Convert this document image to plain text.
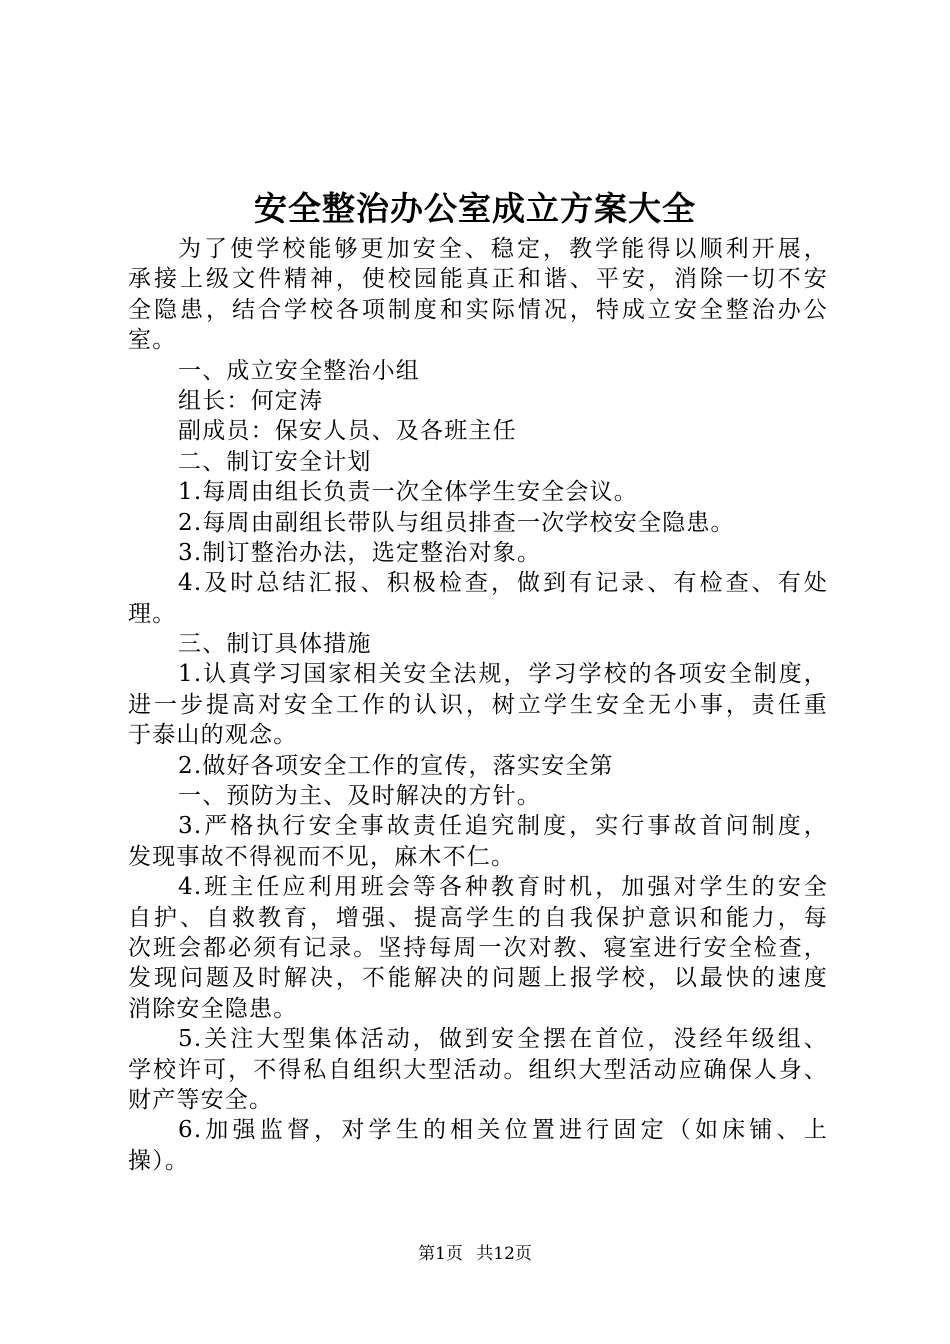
安全整治办公室成立方案大全
为了使学校能够更加安全、稳定，教学能得以顺利开展，
承接上级文件精神，使校园能真正和谐、平安，消除一切不安
全隐患，结合学校各项制度和实际情况，特成立安全整治办公
室。
一、成立安全整治小组
组长：何定涛
副成员：保安人员、及各班主任
二、制订安全计划
1.每周由组长负责一次全体学生安全会议。
2.每周由副组长带队与组员排查一次学校安全隐患。
3.制订整治办法，选定整治对象。
4.及时总结汇报、积极检查，做到有记录、有检查、有处
理。
三、制订具体措施
1.认真学习国家相关安全法规，学习学校的各项安全制度，
进一步提高对安全工作的认识，树立学生安全无小事，责任重
于泰山的观念。
2.做好各项安全工作的宣传，落实安全第
一、预防为主、及时解决的方针。
3.严格执行安全事故责任追究制度，实行事故首问制度，
发现事故不得视而不见，麻木不仁。
4.班主任应利用班会等各种教育时机，加强对学生的安全
自护、自救教育，增强、提高学生的自我保护意识和能力，每
次班会都必须有记录。坚持每周一次对教、寝室进行安全检查，
发现问题及时解决，不能解决的问题上报学校，以最快的速度
消除安全隐患。
5.关注大型集体活动，做到安全摆在首位，没经年级组、
学校许可，不得私自组织大型活动。组织大型活动应确保人身、
财产等安全。
6.加强监督，对学生的相关位置进行固定（如床铺、上
操）。
第1页 共12页
